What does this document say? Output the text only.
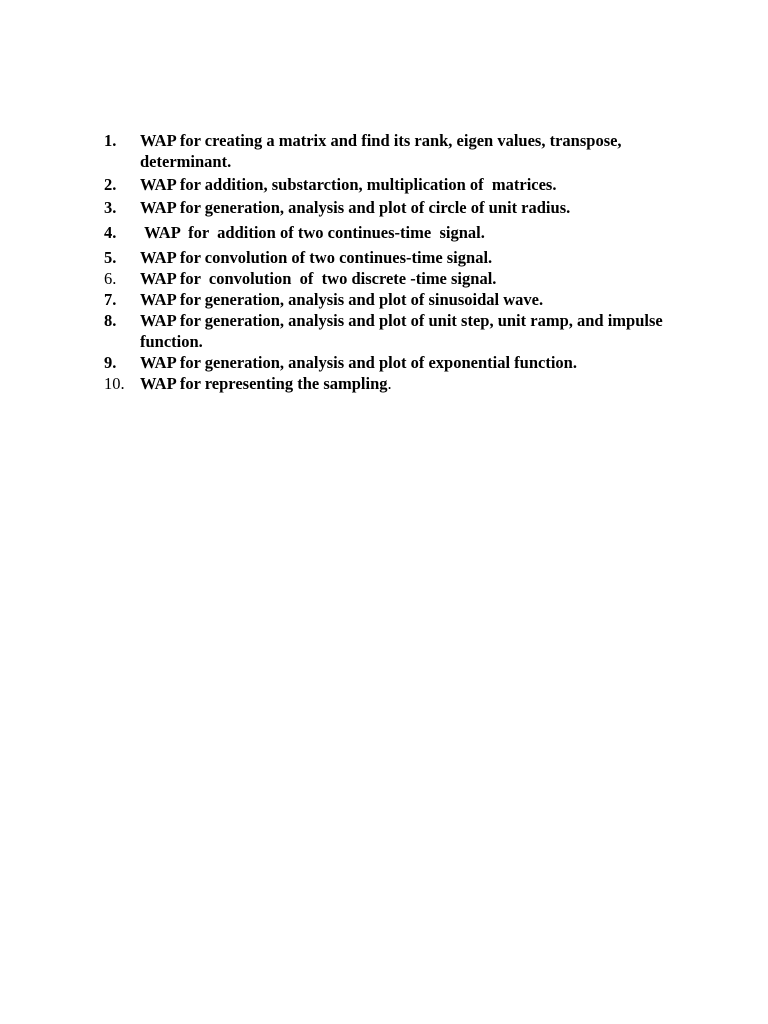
1.	WAP for creating a matrix and find its rank, eigen values, transpose, determinant.
2.	WAP for addition, substarction, multiplication of  matrices.
3.	WAP for generation, analysis and plot of circle of unit radius.
4.	WAP  for  addition of two continues-time  signal.
5.	WAP for convolution of two continues-time signal.
6.	WAP for  convolution  of  two discrete -time signal.
7.	WAP for generation, analysis and plot of sinusoidal wave.
8.	WAP for generation, analysis and plot of unit step, unit ramp, and impulse function.
9.	WAP for generation, analysis and plot of exponential function.
10. WAP for representing the sampling.
